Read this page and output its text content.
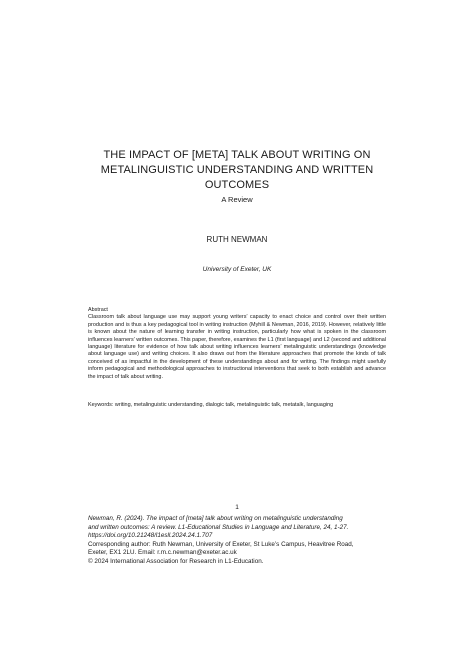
THE IMPACT OF [META] TALK ABOUT WRITING ON METALINGUISTIC UNDERSTANDING AND WRITTEN OUTCOMES
A Review
RUTH NEWMAN
University of Exeter, UK
Abstract

Classroom talk about language use may support young writers’ capacity to enact choice and control over their written production and is thus a key pedagogical tool in writing instruction (Myhill & Newman, 2016, 2019). However, relatively little is known about the nature of learning transfer in writing instruction, particularly how what is spoken in the classroom influences learners’ written outcomes. This paper, therefore, examines the L1 (first language) and L2 (second and additional language) literature for evidence of how talk about writing influences learners’ metalinguistic understandings (knowledge about language use) and writing choices. It also draws out from the literature approaches that promote the kinds of talk conceived of as impactful in the development of these understandings about and for writing. The findings might usefully inform pedagogical and methodological approaches to instructional interventions that seek to both establish and advance the impact of talk about writing.

Keywords: writing, metalinguistic understanding, dialogic talk, metalinguistic talk, metatalk, languaging
1
Newman, R. (2024). The impact of [meta] talk about writing on metalinguistic understanding
and written outcomes: A review. L1-Educational Studies in Language and Literature, 24, 1-27.
https://doi.org/10.21248/l1esll.2024.24.1.707
Corresponding author: Ruth Newman, University of Exeter, St Luke’s Campus, Heavitree Road,
Exeter, EX1 2LU. Email: r.m.c.newman@exeter.ac.uk
© 2024 International Association for Research in L1-Education.
